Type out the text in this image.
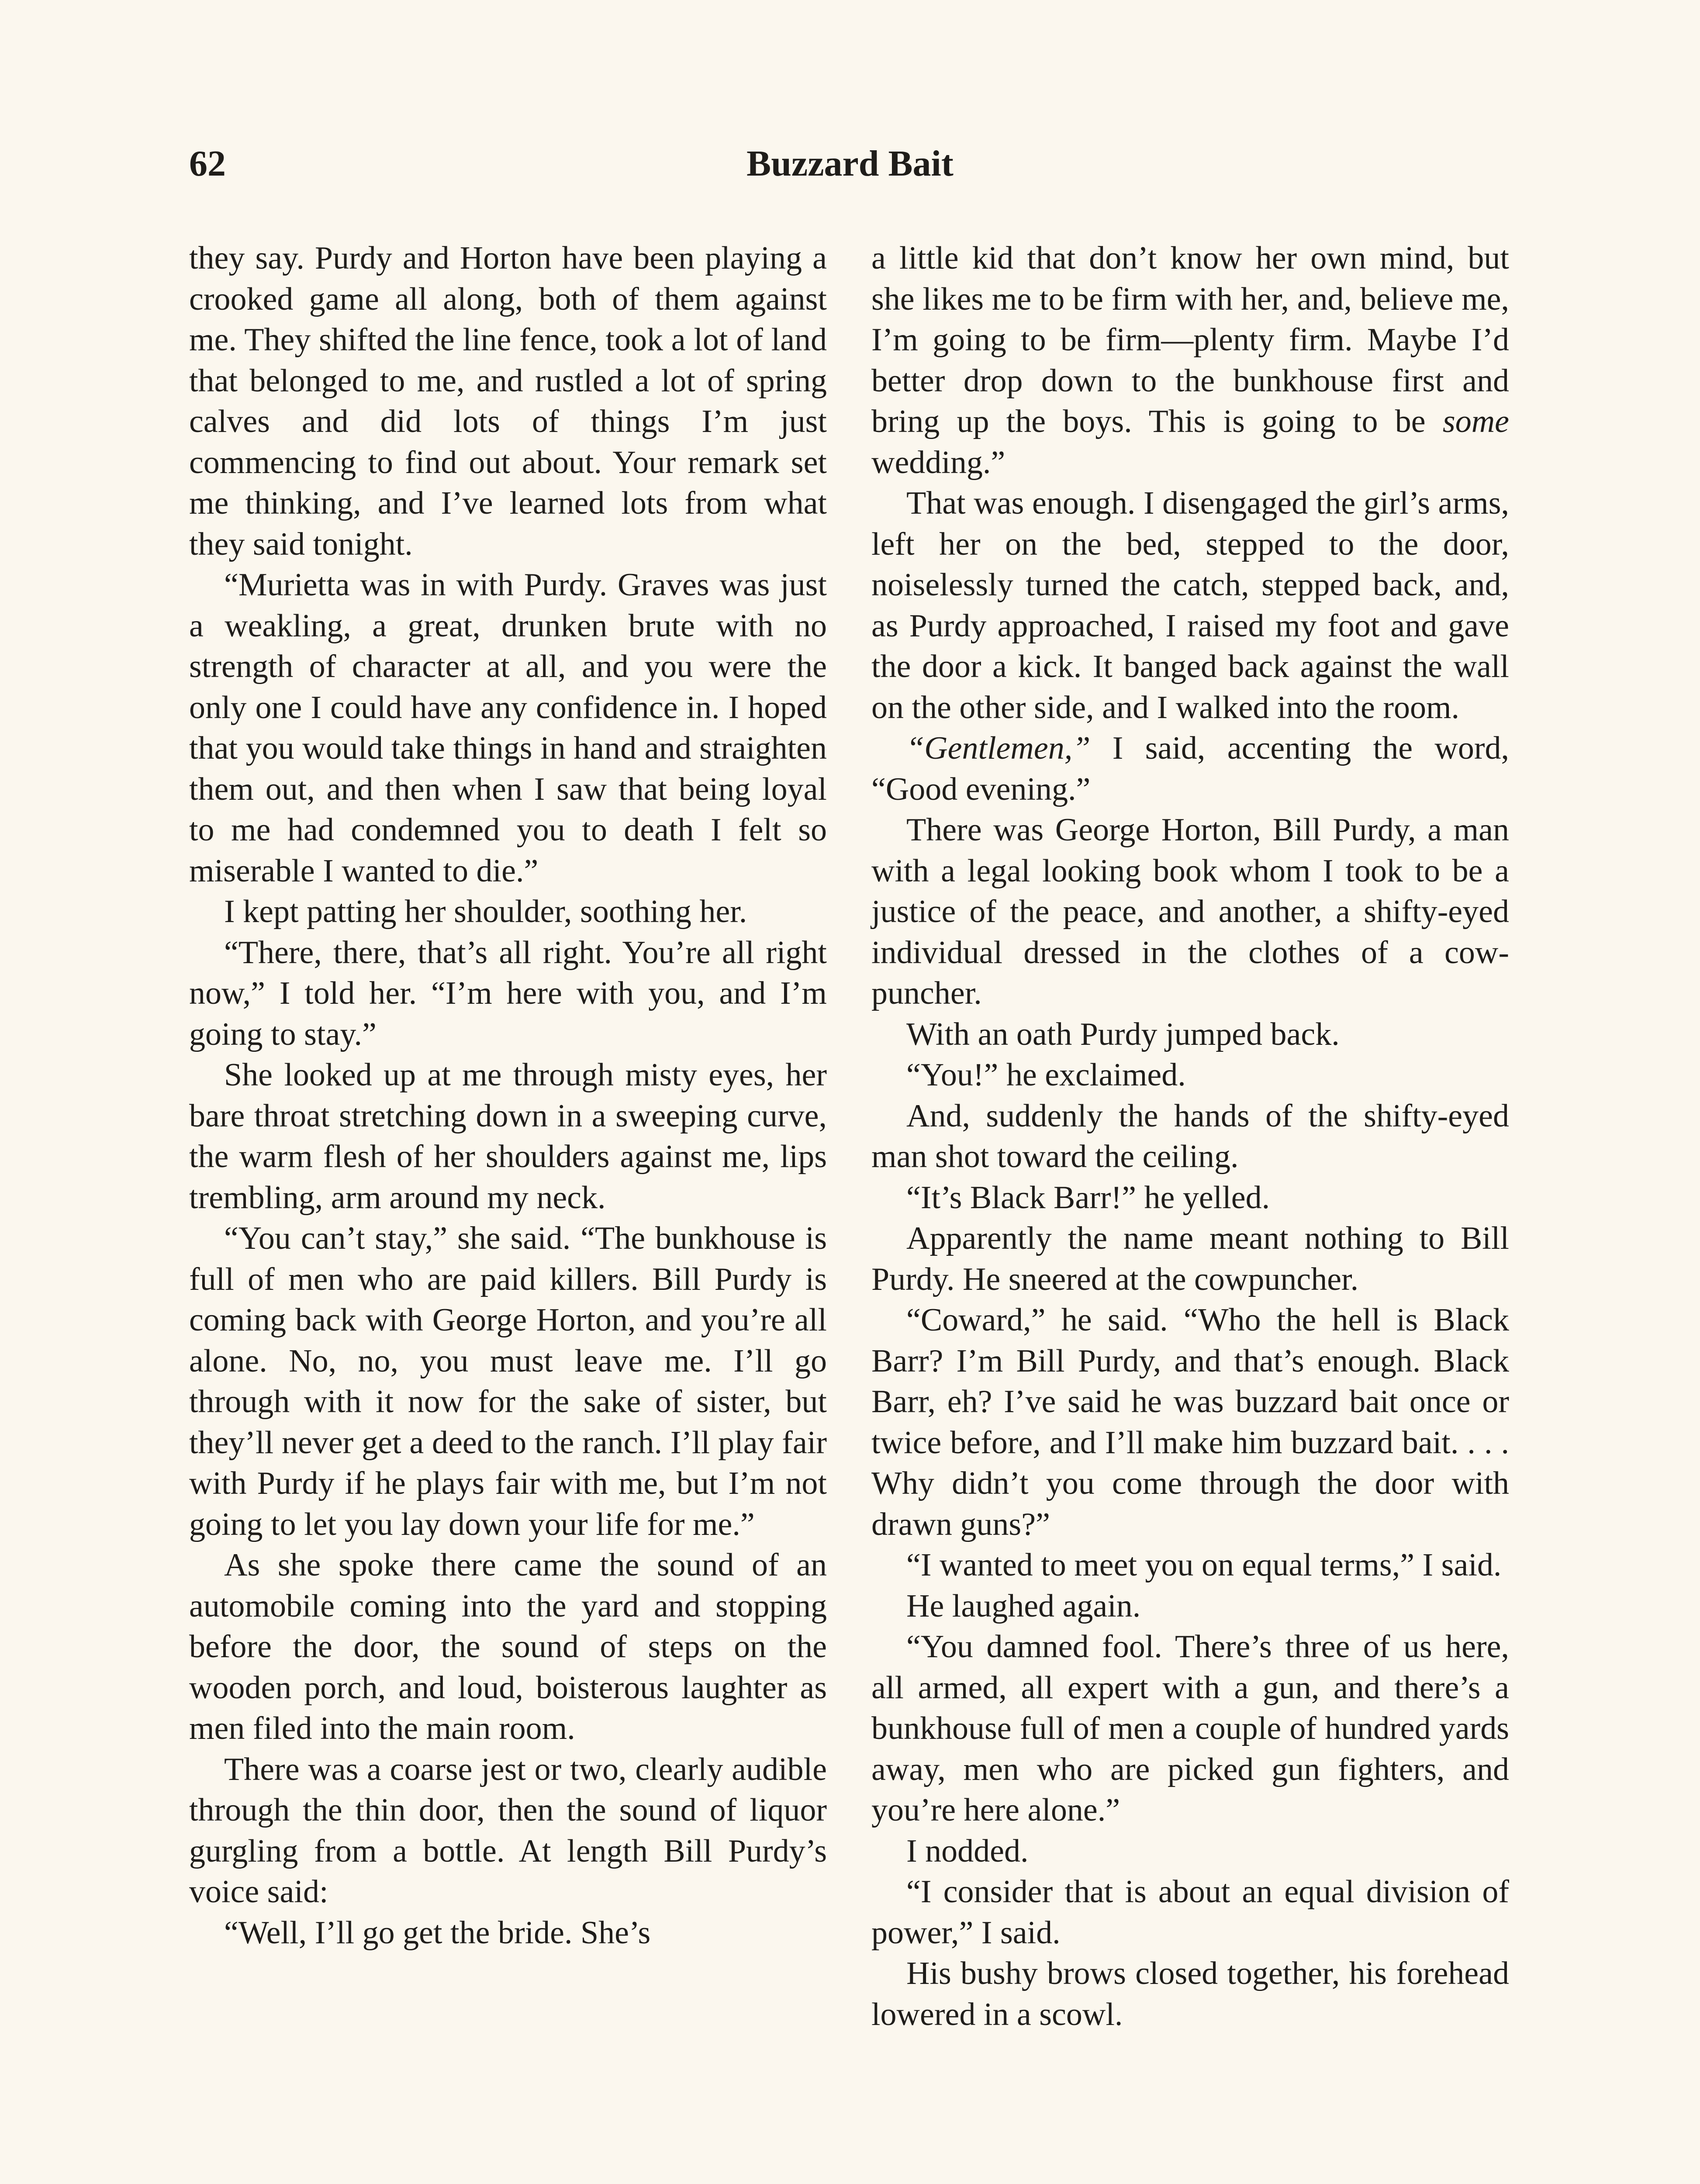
62	Buzzard Bait

they say. Purdy and Horton have been playing a crooked game all along, both of them against me. They shifted the line fence, took a lot of land that belonged to me, and rustled a lot of spring calves and did lots of things I’m just commencing to find out about. Your remark set me thinking, and I’ve learned lots from what they said tonight.

“Murietta was in with Purdy. Graves was just a weakling, a great, drunken brute with no strength of character at all, and you were the only one I could have any confidence in. I hoped that you would take things in hand and straighten them out, and then when I saw that being loyal to me had condemned you to death I felt so miserable I wanted to die.”

I kept patting her shoulder, soothing her.

“There, there, that’s all right. You’re all right now,” I told her. “I’m here with you, and I’m going to stay.”

She looked up at me through misty eyes, her bare throat stretching down in a sweeping curve, the warm flesh of her shoulders against me, lips trembling, arm around my neck.

“You can’t stay,” she said. “The bunkhouse is full of men who are paid killers. Bill Purdy is coming back with George Horton, and you’re all alone. No, no, you must leave me. I’ll go through with it now for the sake of sister, but they’ll never get a deed to the ranch. I’ll play fair with Purdy if he plays fair with me, but I’m not going to let you lay down your life for me.”

As she spoke there came the sound of an automobile coming into the yard and stopping before the door, the sound of steps on the wooden porch, and loud, boisterous laughter as men filed into the main room.

There was a coarse jest or two, clearly audible through the thin door, then the sound of liquor gurgling from a bottle. At length Bill Purdy’s voice said:

“Well, I’ll go get the bride. She’s

a little kid that don’t know her own mind, but she likes me to be firm with her, and, believe me, I’m going to be firm—plenty firm. Maybe I’d better drop down to the bunkhouse first and bring up the boys. This is going to be some wedding.”

That was enough. I disengaged the girl’s arms, left her on the bed, stepped to the door, noiselessly turned the catch, stepped back, and, as Purdy approached, I raised my foot and gave the door a kick. It banged back against the wall on the other side, and I walked into the room.

“Gentlemen,” I said, accenting the word, “Good evening.”

There was George Horton, Bill Purdy, a man with a legal looking book whom I took to be a justice of the peace, and another, a shifty-eyed individual dressed in the clothes of a cowpuncher.

With an oath Purdy jumped back.

“You!” he exclaimed.

And, suddenly the hands of the shifty-eyed man shot toward the ceiling.

“It’s Black Barr!” he yelled.

Apparently the name meant nothing to Bill Purdy. He sneered at the cowpuncher.

“Coward,” he said. “Who the hell is Black Barr? I’m Bill Purdy, and that’s enough. Black Barr, eh? I’ve said he was buzzard bait once or twice before, and I’ll make him buzzard bait. . . . Why didn’t you come through the door with drawn guns?”

“I wanted to meet you on equal terms,” I said.

He laughed again.

“You damned fool. There’s three of us here, all armed, all expert with a gun, and there’s a bunkhouse full of men a couple of hundred yards away, men who are picked gun fighters, and you’re here alone.”

I nodded.

“I consider that is about an equal division of power,” I said.

His bushy brows closed together, his forehead lowered in a scowl.
